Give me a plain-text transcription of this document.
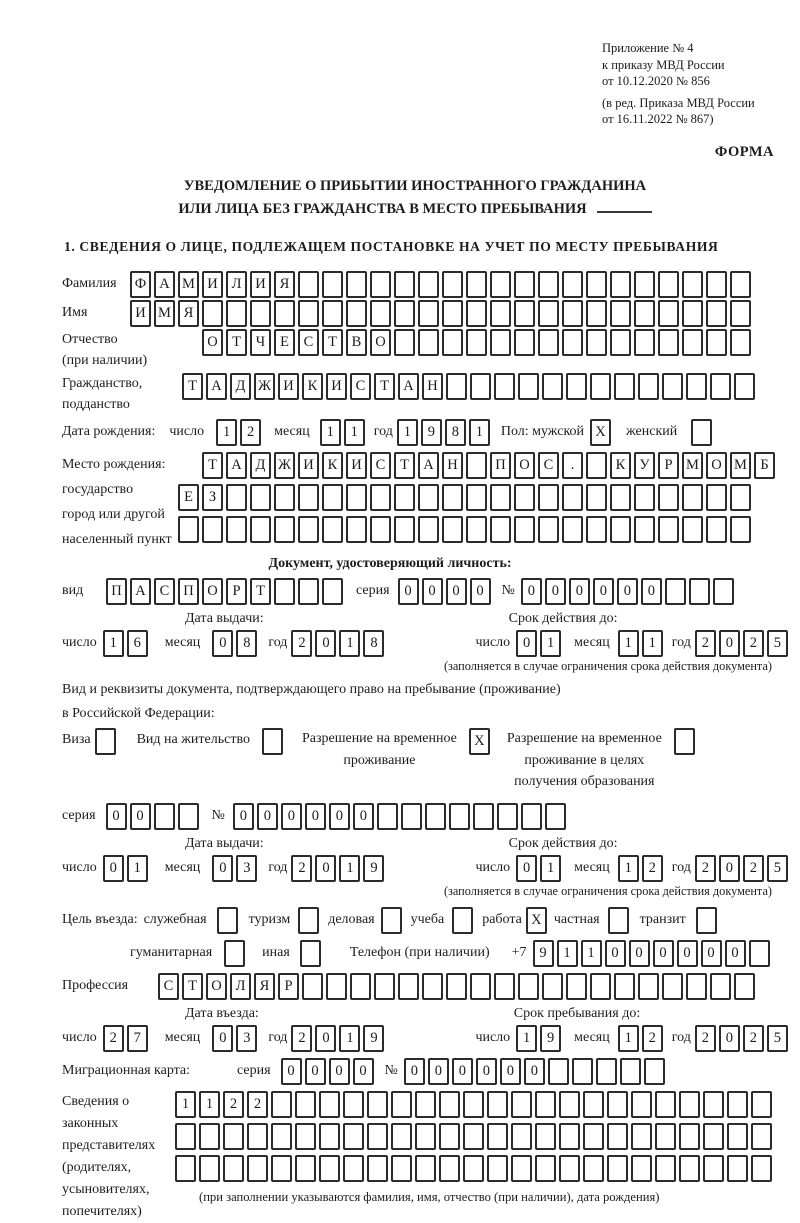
Приложение № 4
к приказу МВД России
от 10.12.2020 № 856
(в ред. Приказа МВД России
от 16.11.2022 № 867)
ФОРМА
УВЕДОМЛЕНИЕ О ПРИБЫТИИ ИНОСТРАННОГО ГРАЖДАНИНА
ИЛИ ЛИЦА БЕЗ ГРАЖДАНСТВА В МЕСТО ПРЕБЫВАНИЯ
1. СВЕДЕНИЯ О ЛИЦЕ, ПОДЛЕЖАЩЕМ ПОСТАНОВКЕ НА УЧЕТ ПО МЕСТУ ПРЕБЫВАНИЯ
Фамилия	Ф А М И Л И Я
Имя	И М Я
Отчество
(при наличии)
О Т	Ч	Е	С	Т	В О
Гражданство,
подданство
Т А Д Ж И К И С	Т А Н
Дата рождения: число	1	2	месяц	1	1	год 1	9	8	1	Пол: мужской X	женский
Место рождения:
государство
город или другой
населенный пункт
Т А Д Ж И К И С	Т А Н	П О С	.	К У	Р М О М Б
Е	З
Документ, удостоверяющий личность:
вид	П А С П О	Р	Т	серия	0	0	0	0	№ 0	0	0	0	0	0
Дата выдачи:	Срок действия до:
число 1	6	месяц	0	8	год 2	0	1	8	число 0	1	месяц	1	1	год 2	0	2	5
(заполняется в случае ограничения срока действия документа)
Вид и реквизиты документа, подтверждающего право на пребывание (проживание)
в Российской Федерации:
Виза	Вид на жительство	Разрешение на временное
проживание
X	Разрешение на временное
проживание в целях
получения образования
серия	0	0	№	0	0	0	0	0	0
Дата выдачи:	Срок действия до:
число 0	1	месяц	0	3	год 2	0	1	9	число 0	1	месяц	1	2	год 2	0	2	5
(заполняется в случае ограничения срока действия документа)
Цель въезда: служебная	туризм	деловая	учеба	работа X частная	транзит
гуманитарная	иная	Телефон (при наличии) +7 9	1	1	0	0	0	0	0	0
Профессия	С	Т О Л Я	Р
Дата въезда:	Срок пребывания до:
число 2	7	месяц	0	3	год 2	0	1	9	число 1	9	месяц	1	2	год 2	0	2	5
Миграционная карта:	серия	0	0	0	0	№ 0	0	0	0	0	0
Сведения о
законных
представителях
(родителях,
усыновителях,
попечителях)
1	1	2	2
(при заполнении указываются фамилия, имя, отчество (при наличии), дата рождения)
